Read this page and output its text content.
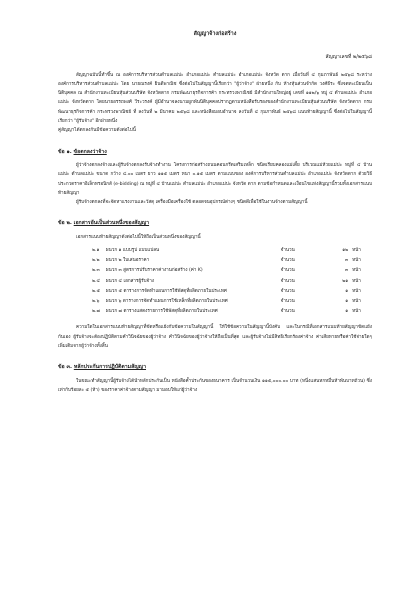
สัญญาจ้างก่อสร้าง
สัญญาเลขที่ ๒/๒๕๖๘
สัญญาฉบับนี้ทำขึ้น ณ องค์การบริหารส่วนตำบลแม่ปะ อำเภอแม่ปะ ตำบลแม่ปะ อำเภอแม่ปะ จังหวัด ตาก เมื่อวันที่ ๔ กุมภาพันธ์ ๒๕๖๘ ระหว่าง องค์การบริหารส่วนตำบลแม่ปะ โดย นายณรงค์ ยินดีพาณิช ซึ่งต่อไปในสัญญานี้เรียกว่า "ผู้ว่าจ้าง" ฝ่ายหนึ่ง กับ ห้างหุ้นส่วนจำกัด วงศ์ธีระ ซึ่งจดทะเบียนเป็นนิติบุคคล ณ สำนักงานทะเบียนหุ้นส่วนบริษัท จังหวัดตาก กรมพัฒนาธุรกิจการค้า กระทรวงพาณิชย์ มีสำนักงานใหญ่อยู่ เลขที่ ๑๑๒/๖ หมู่ ๔ ตำบลแม่ปะ อำเภอแม่ปะ จังหวัดตาก โดยนายอรรถพงศ์ วีระวรงค์ ผู้มีอำนาจลงนามผูกพันนิติบุคคลปรากฏตามหนังสือรับรองของสำนักงานทะเบียนหุ้นส่วนบริษัท จังหวัดตาก กรมพัฒนาธุรกิจการค้า กระทรวงพาณิชย์ ที่ ลงวันที่ ๒ มีนาคม ๒๕๖๘ และหนังสือมอบอำนาจ ลงวันที่ ๔ กุมภาพันธ์ ๒๕๖๘ แนบท้ายสัญญานี้ ซึ่งต่อไปในสัญญานี้เรียกว่า "ผู้รับจ้าง" อีกฝ่ายหนึ่ง
คู่สัญญาได้ตกลงกันมีข้อความดังต่อไปนี้
ข้อ ๑. ข้อตกลงว่าจ้าง
ผู้ว่าจ้างตกลงจ้างและผู้รับจ้างตกลงรับจ้างทำงาน โครงการก่อสร้างถนนคอนกรีตเสริมเหล็ก ชนิดเรียบคลองแม่เตี้ย บริเวณแม่ห้วยแม่ปะ หมู่ที่ ๔ บ้านแม่ปะ ตำบลแม่ปะ ขนาด กว้าง ๔.๐๐ เมตร ยาว ๑๑๕ เมตร หนา ๐.๑๕ เมตร ตามแบบของ องค์การบริหารส่วนตำบลแม่ปะ อำเภอแม่ปะ จังหวัดตาก ด้วยวิธีประกวดราคาอิเล็กทรอนิกส์ (e-bidding) ณ หมู่ที่ ๔ บ้านแม่ปะ ตำบลแม่ปะ อำเภอแม่ปะ จังหวัด ตาก ตามข้อกำหนดและเงื่อนไขแห่งสัญญานี้รวมทั้งเอกสารแนบท้ายสัญญา
ผู้รับจ้างตกลงที่จะจัดหาแรงงานและวัสดุ เครื่องมือเครื่องใช้ ตลอดจนอุปกรณ์ต่างๆ ชนิดดีเพื่อใช้ในงานจ้างตามสัญญานี้
ข้อ ๒. เอกสารอันเป็นส่วนหนึ่งของสัญญา
เอกสารแนบท้ายสัญญาดังต่อไปนี้ให้ถือเป็นส่วนหนึ่งของสัญญานี้
๒.๑	ผนวก ๑ แบบรูป แบบแปลน	จำนวน	๑๒ หน้า
๒.๒	ผนวก ๒ ใบเสนอราคา	จำนวน	๓ หน้า
๒.๓	ผนวก ๓ สูตรการปรับราคาค่างานก่อสร้าง (ค่า K)	จำนวน	๓ หน้า
๒.๔	ผนวก ๔ เอกสารผู้รับจ้าง	จำนวน	๒๑ หน้า
๒.๕	ผนวก ๕ ตารางการจัดทำแผนการใช้พัสดุที่ผลิตภายในประเทศ	จำนวน	๑ หน้า
๒.๖	ผนวก ๖ ตารางการจัดทำแผนการใช้เหล็กที่ผลิตภายในประเทศ	จำนวน	๑ หน้า
๒.๗	ผนวก ๗ ตารางแสดงรายการใช้พัสดุที่ผลิตภายในประเทศ	จำนวน	๑ หน้า
ความใดในเอกสารแนบท้ายสัญญาที่ขัดหรือแย้งกับข้อความในสัญญานี้ ให้ใช้ข้อความในสัญญานี้บังคับ และในกรณีที่เอกสารแนบท้ายสัญญาขัดแย้งกันเอง ผู้รับจ้างจะต้องปฏิบัติตามคำวินิจฉัยของผู้ว่าจ้าง คำวินิจฉัยของผู้ว่าจ้างให้ถือเป็นที่สุด และผู้รับจ้างไม่มีสิทธิเรียกร้องค่าจ้าง ค่าเสียหายหรือค่าใช้จ่ายใดๆ เพิ่มเติมจากผู้ว่าจ้างทั้งสิ้น
ข้อ ๓. หลักประกันการปฏิบัติตามสัญญา
ในขณะทำสัญญานี้ผู้รับจ้างได้นำหลักประกันเป็น หนังสือค้ำประกันของธนาคาร เป็นจำนวนเงิน ๑๑๕,๐๐๐.๐๐ บาท (หนึ่งแสนหกหมื่นห้าพันบาทถ้วน) ซึ่งเท่ากับร้อยละ ๕ (ห้า) ของราคาค่าจ้างตามสัญญา มามอบให้แก่ผู้ว่าจ้าง
